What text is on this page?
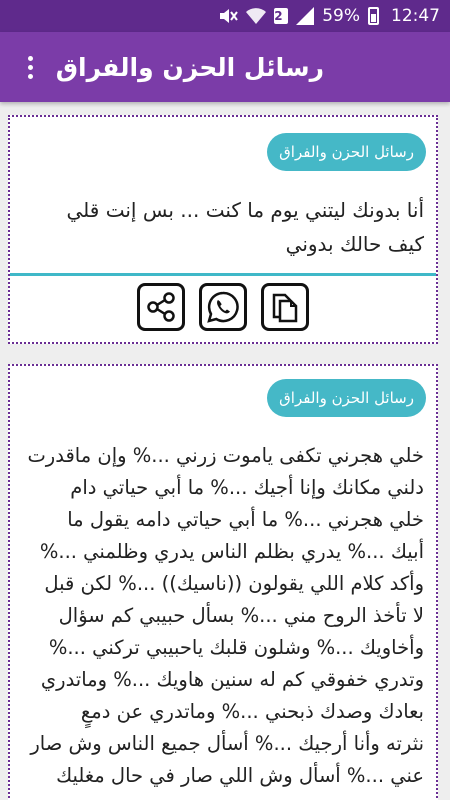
2	59% 12:47
رسائل الحزن والفراق
رسائل الحزن والفراق
أنا بدونك ليتني يوم ما كنت ... بس إنت قلي
كيف حالك بدوني
رسائل الحزن والفراق
خلي هجرني تكفى ياموت زرني ...% وإن ماقدرت
دلني مكانك وإنا أجيك ...% ما أبي حياتي دام
خلي هجرني ...% ما أبي حياتي دامه يقول ما
أبيك ...% يدري بظلم الناس يدري وظلمني ...%
وأكد كلام اللي يقولون ((ناسيك)) ...% لكن قبل
لا تأخذ الروح مني ...% بسأل حبيبي كم سؤال
وأخاويك ...% وشلون قلبك ياحبيبي تركني ...%
وتدري خفوقي كم له سنين هاويك ...% وماتدري
بعادك وصدك ذبحني ...% وماتدري عن دمعٍ
نثرته وأنا أرجيك ...% أسأل جميع الناس وش صار
عني ...% أسأل وش اللي صار في حال مغليك
